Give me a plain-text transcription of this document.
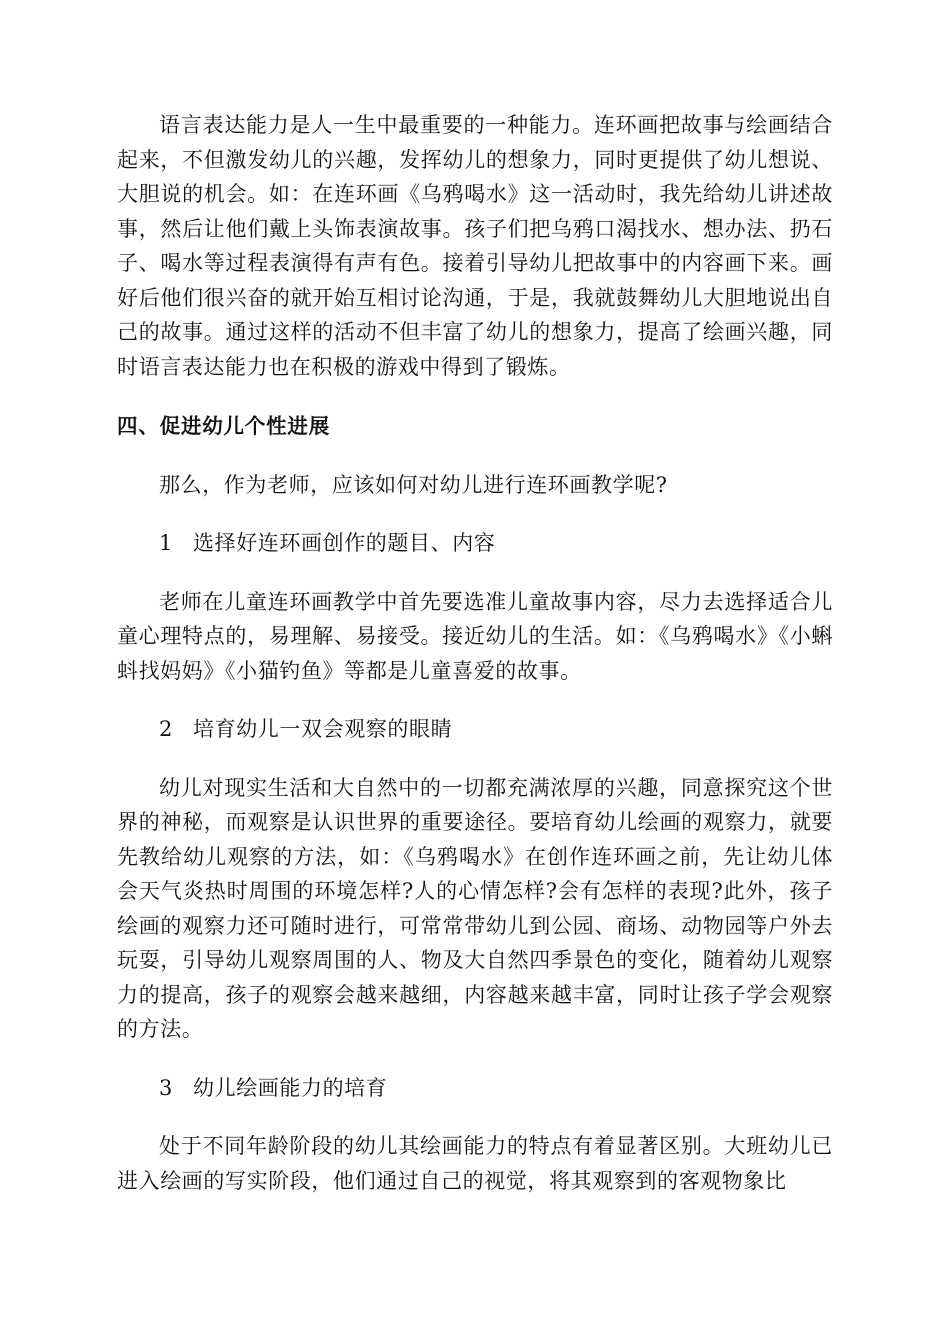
语言表达能力是人一生中最重要的一种能力。连环画把故事与绘画结合起来，不但激发幼儿的兴趣，发挥幼儿的想象力，同时更提供了幼儿想说、大胆说的机会。如：在连环画《乌鸦喝水》这一活动时，我先给幼儿讲述故事，然后让他们戴上头饰表演故事。孩子们把乌鸦口渴找水、想办法、扔石子、喝水等过程表演得有声有色。接着引导幼儿把故事中的内容画下来。画好后他们很兴奋的就开始互相讨论沟通，于是，我就鼓舞幼儿大胆地说出自己的故事。通过这样的活动不但丰富了幼儿的想象力，提高了绘画兴趣，同时语言表达能力也在积极的游戏中得到了锻炼。

四、促进幼儿个性进展

那么，作为老师，应该如何对幼儿进行连环画教学呢?

1 选择好连环画创作的题目、内容

老师在儿童连环画教学中首先要选准儿童故事内容，尽力去选择适合儿童心理特点的，易理解、易接受。接近幼儿的生活。如：《乌鸦喝水》《小蝌蚪找妈妈》《小猫钓鱼》等都是儿童喜爱的故事。

2 培育幼儿一双会观察的眼睛

幼儿对现实生活和大自然中的一切都充满浓厚的兴趣，同意探究这个世界的神秘，而观察是认识世界的重要途径。要培育幼儿绘画的观察力，就要先教给幼儿观察的方法，如：《乌鸦喝水》在创作连环画之前，先让幼儿体会天气炎热时周围的环境怎样?人的心情怎样?会有怎样的表现?此外，孩子绘画的观察力还可随时进行，可常常带幼儿到公园、商场、动物园等户外去玩耍，引导幼儿观察周围的人、物及大自然四季景色的变化，随着幼儿观察力的提高，孩子的观察会越来越细，内容越来越丰富，同时让孩子学会观察的方法。

3 幼儿绘画能力的培育

处于不同年龄阶段的幼儿其绘画能力的特点有着显著区别。大班幼儿已进入绘画的写实阶段，他们通过自己的视觉，将其观察到的客观物象比
